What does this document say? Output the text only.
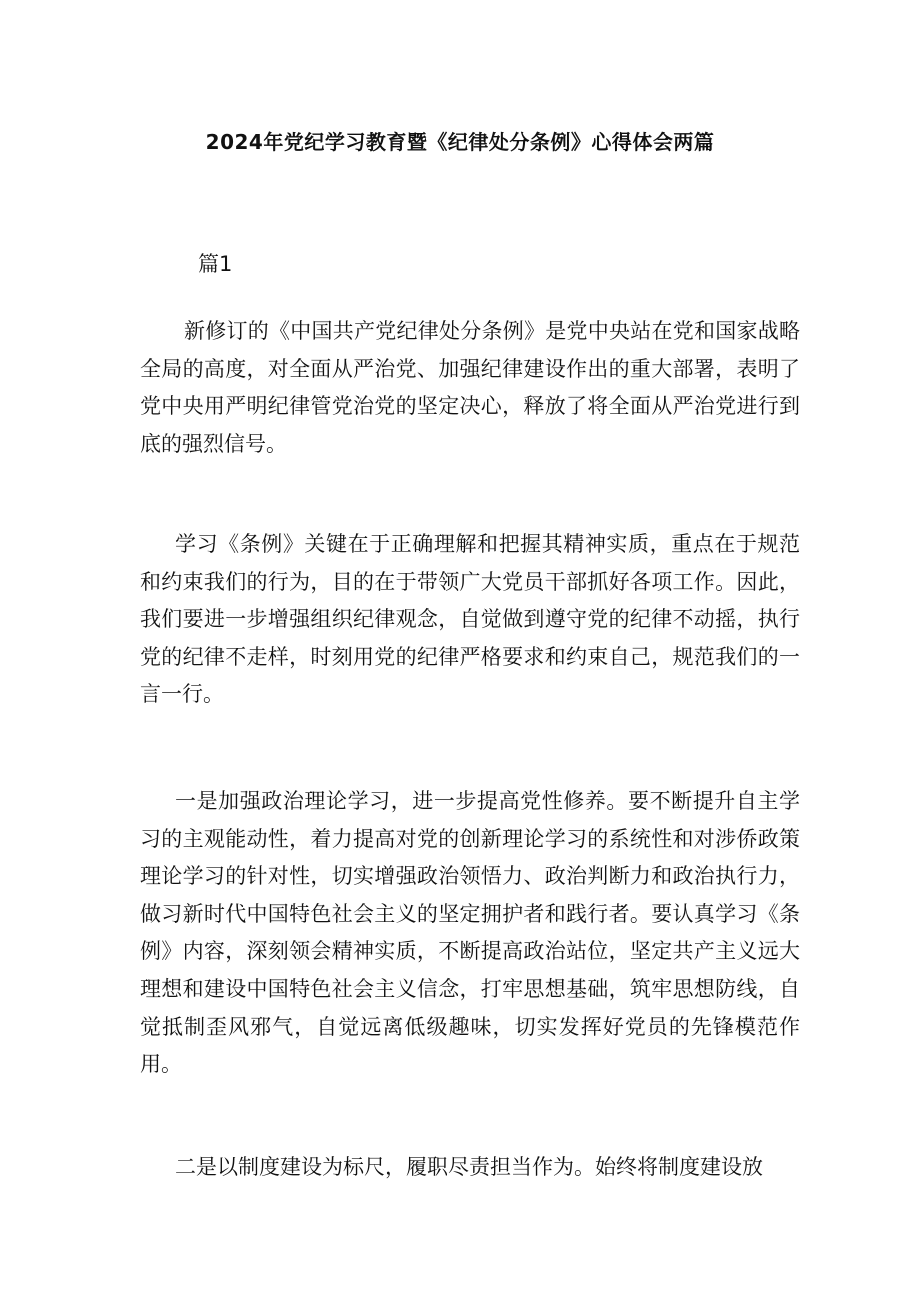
2024年党纪学习教育暨《纪律处分条例》心得体会两篇
篇1

新修订的《中国共产党纪律处分条例》是党中央站在党和国家战略全局的高度，对全面从严治党、加强纪律建设作出的重大部署，表明了党中央用严明纪律管党治党的坚定决心，释放了将全面从严治党进行到底的强烈信号。

学习《条例》关键在于正确理解和把握其精神实质，重点在于规范和约束我们的行为，目的在于带领广大党员干部抓好各项工作。因此，我们要进一步增强组织纪律观念，自觉做到遵守党的纪律不动摇，执行党的纪律不走样，时刻用党的纪律严格要求和约束自己，规范我们的一言一行。

一是加强政治理论学习，进一步提高党性修养。要不断提升自主学习的主观能动性，着力提高对党的创新理论学习的系统性和对涉侨政策理论学习的针对性，切实增强政治领悟力、政治判断力和政治执行力，做习新时代中国特色社会主义的坚定拥护者和践行者。要认真学习《条例》内容，深刻领会精神实质，不断提高政治站位，坚定共产主义远大理想和建设中国特色社会主义信念，打牢思想基础，筑牢思想防线，自觉抵制歪风邪气，自觉远离低级趣味，切实发挥好党员的先锋模范作用。

二是以制度建设为标尺，履职尽责担当作为。始终将制度建设放
